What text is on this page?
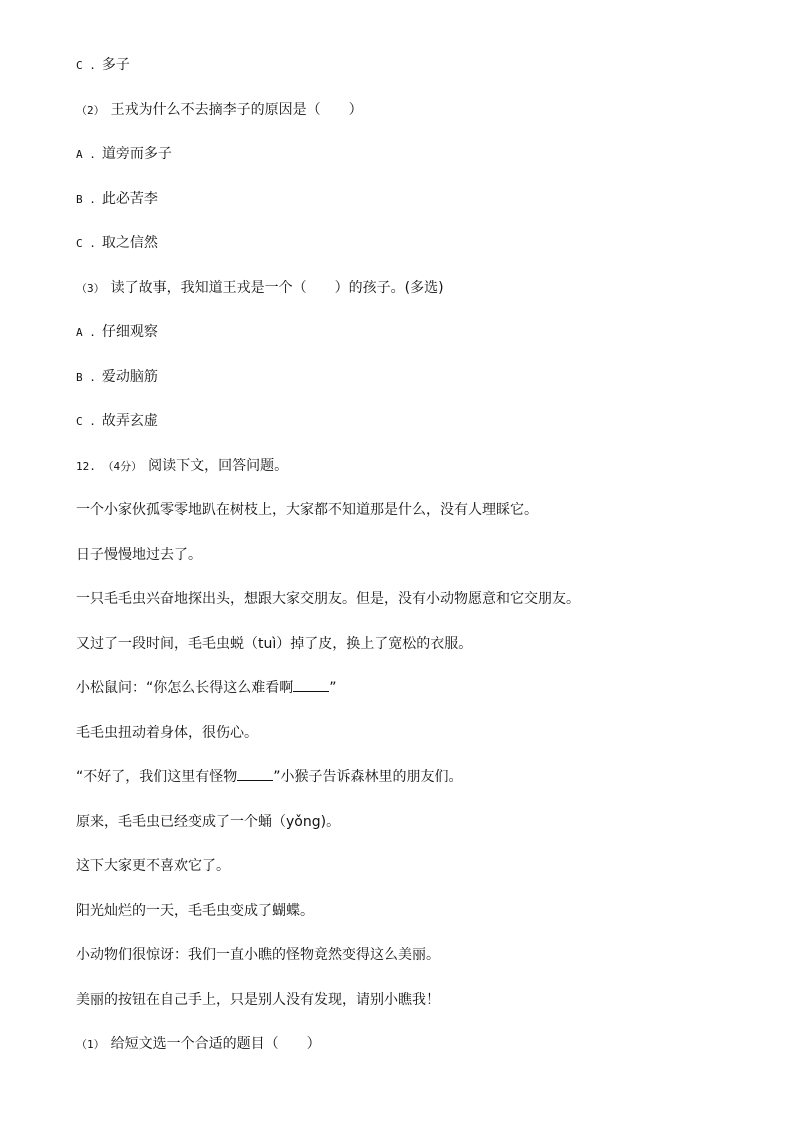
C . 多子
（2） 王戎为什么不去摘李子的原因是（　　）
A . 道旁而多子
B . 此必苦李
C . 取之信然
（3） 读了故事，我知道王戎是一个（　　）的孩子。(多选)
A . 仔细观察
B . 爱动脑筋
C . 故弄玄虚
12. （4分） 阅读下文，回答问题。
一个小家伙孤零零地趴在树枝上，大家都不知道那是什么，没有人理睬它。
日子慢慢地过去了。
一只毛毛虫兴奋地探出头，想跟大家交朋友。但是，没有小动物愿意和它交朋友。
又过了一段时间，毛毛虫蜕（tuì）掉了皮，换上了宽松的衣服。
小松鼠问：“你怎么长得这么难看啊	”
毛毛虫扭动着身体，很伤心。
“不好了，我们这里有怪物	”小猴子告诉森林里的朋友们。
原来，毛毛虫已经变成了一个蛹（yǒng)。
这下大家更不喜欢它了。
阳光灿烂的一天，毛毛虫变成了蝴蝶。
小动物们很惊讶：我们一直小瞧的怪物竟然变得这么美丽。
美丽的按钮在自己手上，只是别人没有发现，请别小瞧我！
（1） 给短文选一个合适的题目（　　）
